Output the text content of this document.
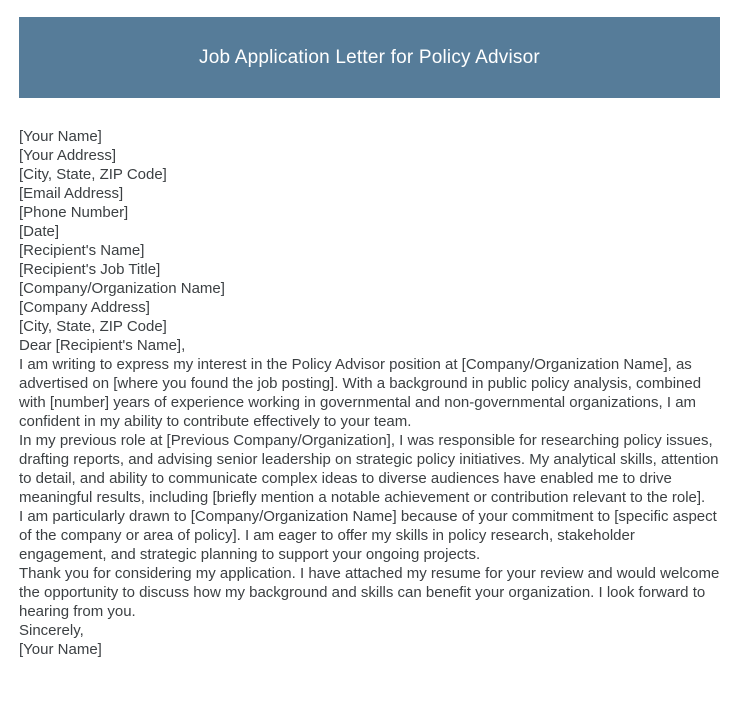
Job Application Letter for Policy Advisor
[Your Name]
[Your Address]
[City, State, ZIP Code]
[Email Address]
[Phone Number]
[Date]
[Recipient's Name]
[Recipient's Job Title]
[Company/Organization Name]
[Company Address]
[City, State, ZIP Code]
Dear [Recipient's Name],
I am writing to express my interest in the Policy Advisor position at [Company/Organization Name], as advertised on [where you found the job posting]. With a background in public policy analysis, combined with [number] years of experience working in governmental and non-governmental organizations, I am confident in my ability to contribute effectively to your team.
In my previous role at [Previous Company/Organization], I was responsible for researching policy issues, drafting reports, and advising senior leadership on strategic policy initiatives. My analytical skills, attention to detail, and ability to communicate complex ideas to diverse audiences have enabled me to drive meaningful results, including [briefly mention a notable achievement or contribution relevant to the role].
I am particularly drawn to [Company/Organization Name] because of your commitment to [specific aspect of the company or area of policy]. I am eager to offer my skills in policy research, stakeholder engagement, and strategic planning to support your ongoing projects.
Thank you for considering my application. I have attached my resume for your review and would welcome the opportunity to discuss how my background and skills can benefit your organization. I look forward to hearing from you.
Sincerely,
[Your Name]
